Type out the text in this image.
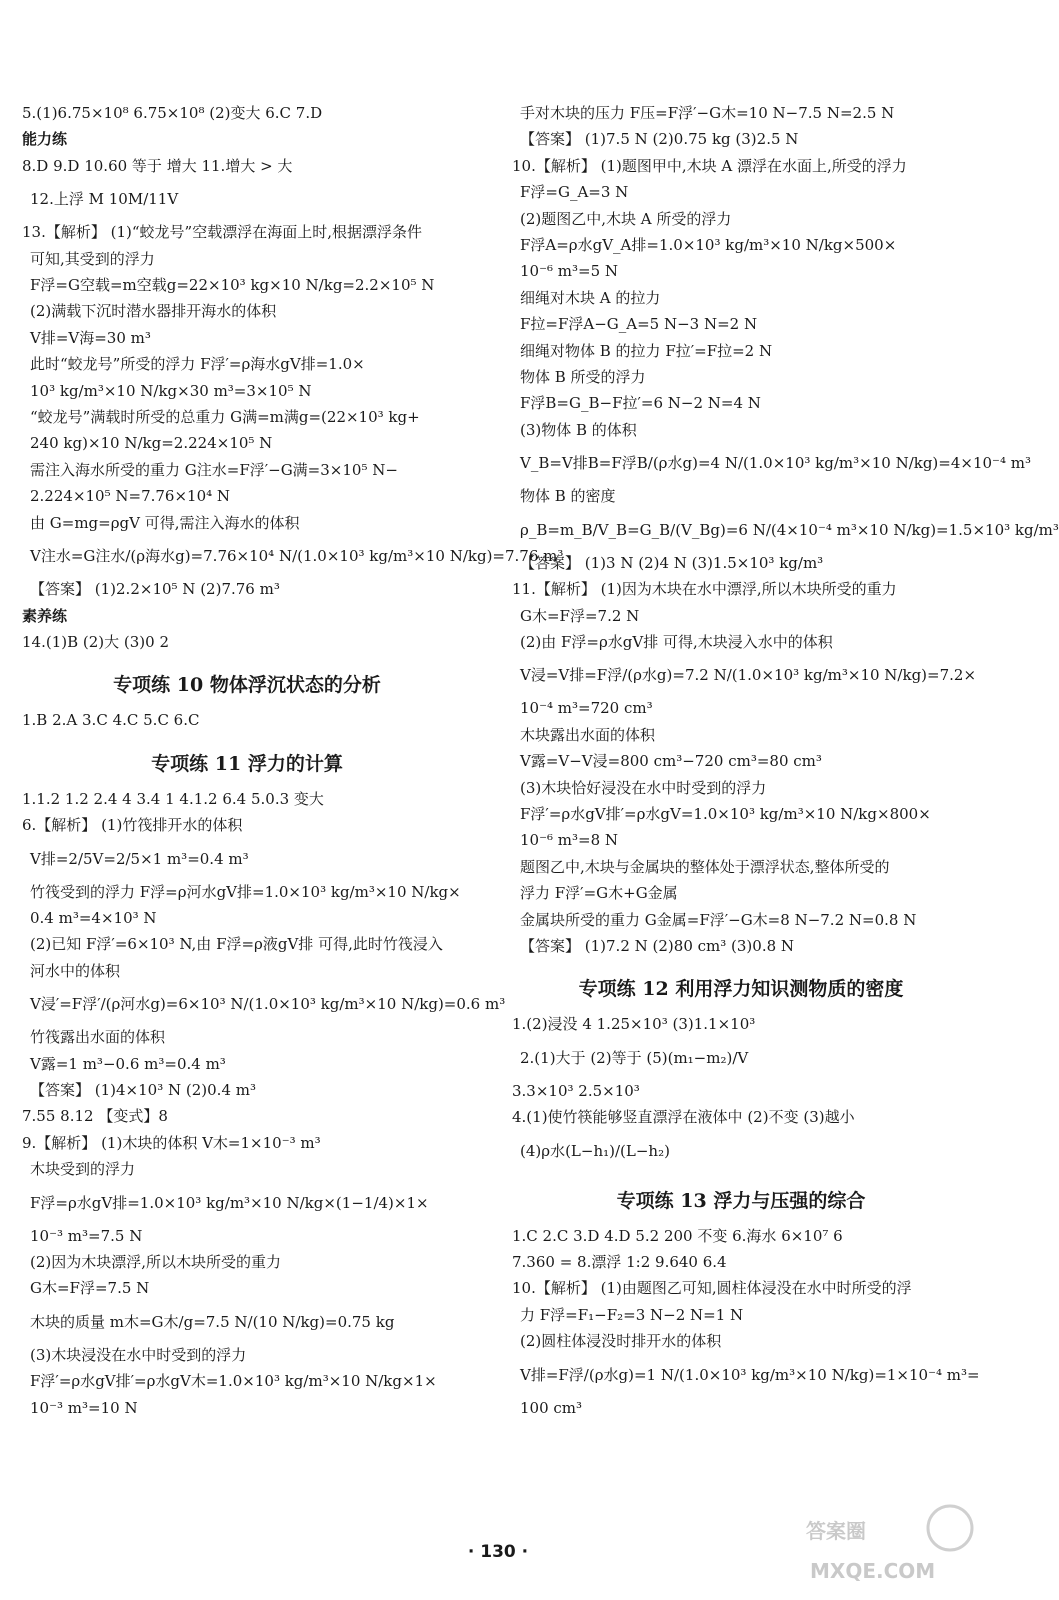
5.(1)6.75×10⁸ 6.75×10⁸ (2)变大 6.C 7.D
能力练
8.D 9.D 10.60 等于 增大 11.增大 > 大
12.上浮 M 10M/11V
13.【解析】 (1)“蛟龙号”空载漂浮在海面上时,根据漂浮条件
可知,其受到的浮力
F浮=G空载=m空载g=22×10³ kg×10 N/kg=2.2×10⁵ N
(2)满载下沉时潜水器排开海水的体积
V排=V海=30 m³
此时“蛟龙号”所受的浮力 F浮′=ρ海水gV排=1.0×
10³ kg/m³×10 N/kg×30 m³=3×10⁵ N
“蛟龙号”满载时所受的总重力 G满=m满g=(22×10³ kg+
240 kg)×10 N/kg=2.224×10⁵ N
需注入海水所受的重力 G注水=F浮′−G满=3×10⁵ N−
2.224×10⁵ N=7.76×10⁴ N
由 G=mg=ρgV 可得,需注入海水的体积
V注水=G注水/(ρ海水g)=7.76×10⁴ N/(1.0×10³ kg/m³×10 N/kg)=7.76 m³
【答案】 (1)2.2×10⁵ N (2)7.76 m³
素养练
14.(1)B (2)大 (3)0 2
专项练 10 物体浮沉状态的分析
1.B 2.A 3.C 4.C 5.C 6.C
专项练 11 浮力的计算
1.1.2 1.2 2.4 4 3.4 1 4.1.2 6.4 5.0.3 变大
6.【解析】 (1)竹筏排开水的体积
V排=2/5V=2/5×1 m³=0.4 m³
竹筏受到的浮力 F浮=ρ河水gV排=1.0×10³ kg/m³×10 N/kg×
0.4 m³=4×10³ N
(2)已知 F浮′=6×10³ N,由 F浮=ρ液gV排 可得,此时竹筏浸入
河水中的体积
V浸′=F浮′/(ρ河水g)=6×10³ N/(1.0×10³ kg/m³×10 N/kg)=0.6 m³
竹筏露出水面的体积
V露=1 m³−0.6 m³=0.4 m³
【答案】 (1)4×10³ N (2)0.4 m³
7.55 8.12 【变式】8
9.【解析】 (1)木块的体积 V木=1×10⁻³ m³
木块受到的浮力
F浮=ρ水gV排=1.0×10³ kg/m³×10 N/kg×(1−1/4)×1×
10⁻³ m³=7.5 N
(2)因为木块漂浮,所以木块所受的重力
G木=F浮=7.5 N
木块的质量 m木=G木/g=7.5 N/(10 N/kg)=0.75 kg
(3)木块浸没在水中时受到的浮力
F浮′=ρ水gV排′=ρ水gV木=1.0×10³ kg/m³×10 N/kg×1×
10⁻³ m³=10 N
手对木块的压力 F压=F浮′−G木=10 N−7.5 N=2.5 N
【答案】 (1)7.5 N (2)0.75 kg (3)2.5 N
10.【解析】 (1)题图甲中,木块 A 漂浮在水面上,所受的浮力
F浮=G_A=3 N
(2)题图乙中,木块 A 所受的浮力
F浮A=ρ水gV_A排=1.0×10³ kg/m³×10 N/kg×500×
10⁻⁶ m³=5 N
细绳对木块 A 的拉力
F拉=F浮A−G_A=5 N−3 N=2 N
细绳对物体 B 的拉力 F拉′=F拉=2 N
物体 B 所受的浮力
F浮B=G_B−F拉′=6 N−2 N=4 N
(3)物体 B 的体积
V_B=V排B=F浮B/(ρ水g)=4 N/(1.0×10³ kg/m³×10 N/kg)=4×10⁻⁴ m³
物体 B 的密度
ρ_B=m_B/V_B=G_B/(V_Bg)=6 N/(4×10⁻⁴ m³×10 N/kg)=1.5×10³ kg/m³
【答案】 (1)3 N (2)4 N (3)1.5×10³ kg/m³
11.【解析】 (1)因为木块在水中漂浮,所以木块所受的重力
G木=F浮=7.2 N
(2)由 F浮=ρ水gV排 可得,木块浸入水中的体积
V浸=V排=F浮/(ρ水g)=7.2 N/(1.0×10³ kg/m³×10 N/kg)=7.2×
10⁻⁴ m³=720 cm³
木块露出水面的体积
V露=V−V浸=800 cm³−720 cm³=80 cm³
(3)木块恰好浸没在水中时受到的浮力
F浮′=ρ水gV排′=ρ水gV=1.0×10³ kg/m³×10 N/kg×800×
10⁻⁶ m³=8 N
题图乙中,木块与金属块的整体处于漂浮状态,整体所受的
浮力 F浮′=G木+G金属
金属块所受的重力 G金属=F浮′−G木=8 N−7.2 N=0.8 N
【答案】 (1)7.2 N (2)80 cm³ (3)0.8 N
专项练 12 利用浮力知识测物质的密度
1.(2)浸没 4 1.25×10³ (3)1.1×10³
2.(1)大于 (2)等于 (5)(m₁−m₂)/V
3.3×10³ 2.5×10³
4.(1)使竹筷能够竖直漂浮在液体中 (2)不变 (3)越小
(4)ρ水(L−h₁)/(L−h₂)
专项练 13 浮力与压强的综合
1.C 2.C 3.D 4.D 5.2 200 不变 6.海水 6×10⁷ 6
7.360 = 8.漂浮 1:2 9.640 6.4
10.【解析】 (1)由题图乙可知,圆柱体浸没在水中时所受的浮
力 F浮=F₁−F₂=3 N−2 N=1 N
(2)圆柱体浸没时排开水的体积
V排=F浮/(ρ水g)=1 N/(1.0×10³ kg/m³×10 N/kg)=1×10⁻⁴ m³=
100 cm³
· 130 ·
答案圈
MXQE.COM
